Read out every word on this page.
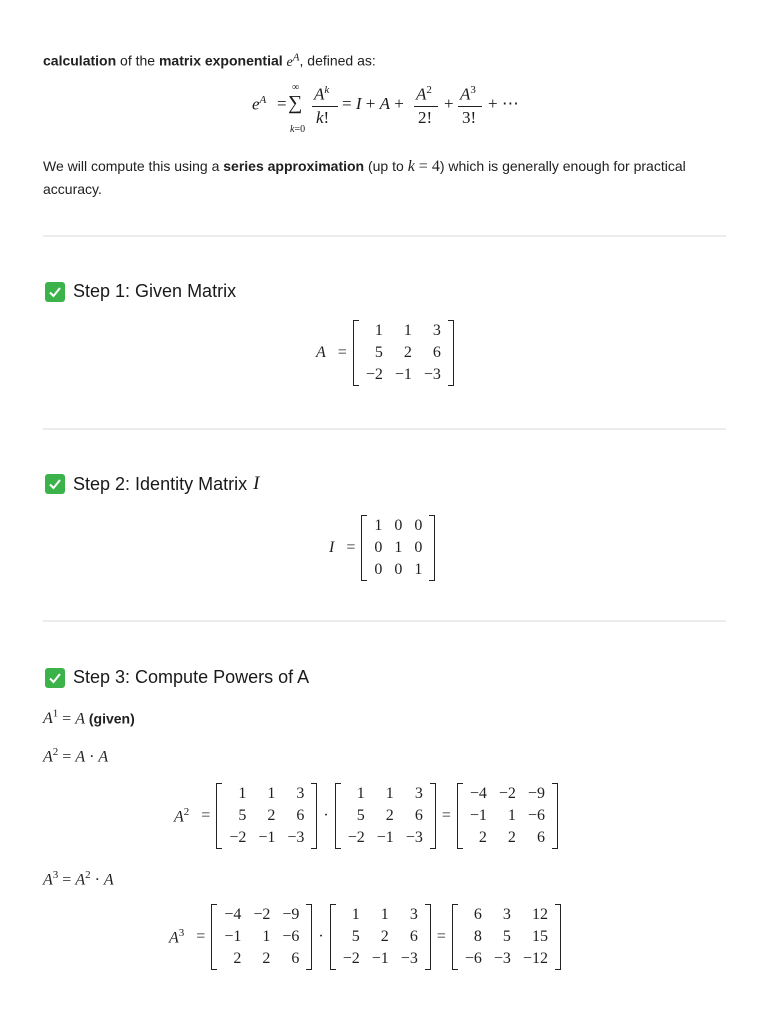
calculation of the matrix exponential $e^A$, defined as:
$e^A$ =
∞
∑
k=0
$A^k$
k!
= $I + A + A^2$
2!
+ $A^3$
3!
+ ⋯
We will compute this using a series approximation (up to k = 4) which is generally enough for practical accuracy.
Step 1: Given Matrix
A =
1	1	3
5	2	6
−2	−1	−3
Step 2: Identity Matrix I
I =
1	0	0
0	1	0
0	0	1
Step 3: Compute Powers of A
$A^1 = A$ (given)
$A^2 = A \cdot A$
$A^2$ =
1	1	3
5	2	6
−2	−1	−3
·
1	1	3
5	2	6
−2	−1	−3
=
−4	−2	−9
−1	1	−6
2	2	6
$A^3 = A^2 \cdot A$
$A^3$ =
−4	−2	−9
−1	1	−6
2	2	6
·
1	1	3
5	2	6
−2	−1	−3
=
6	3	12
8	5	15
−6	−3	−12
